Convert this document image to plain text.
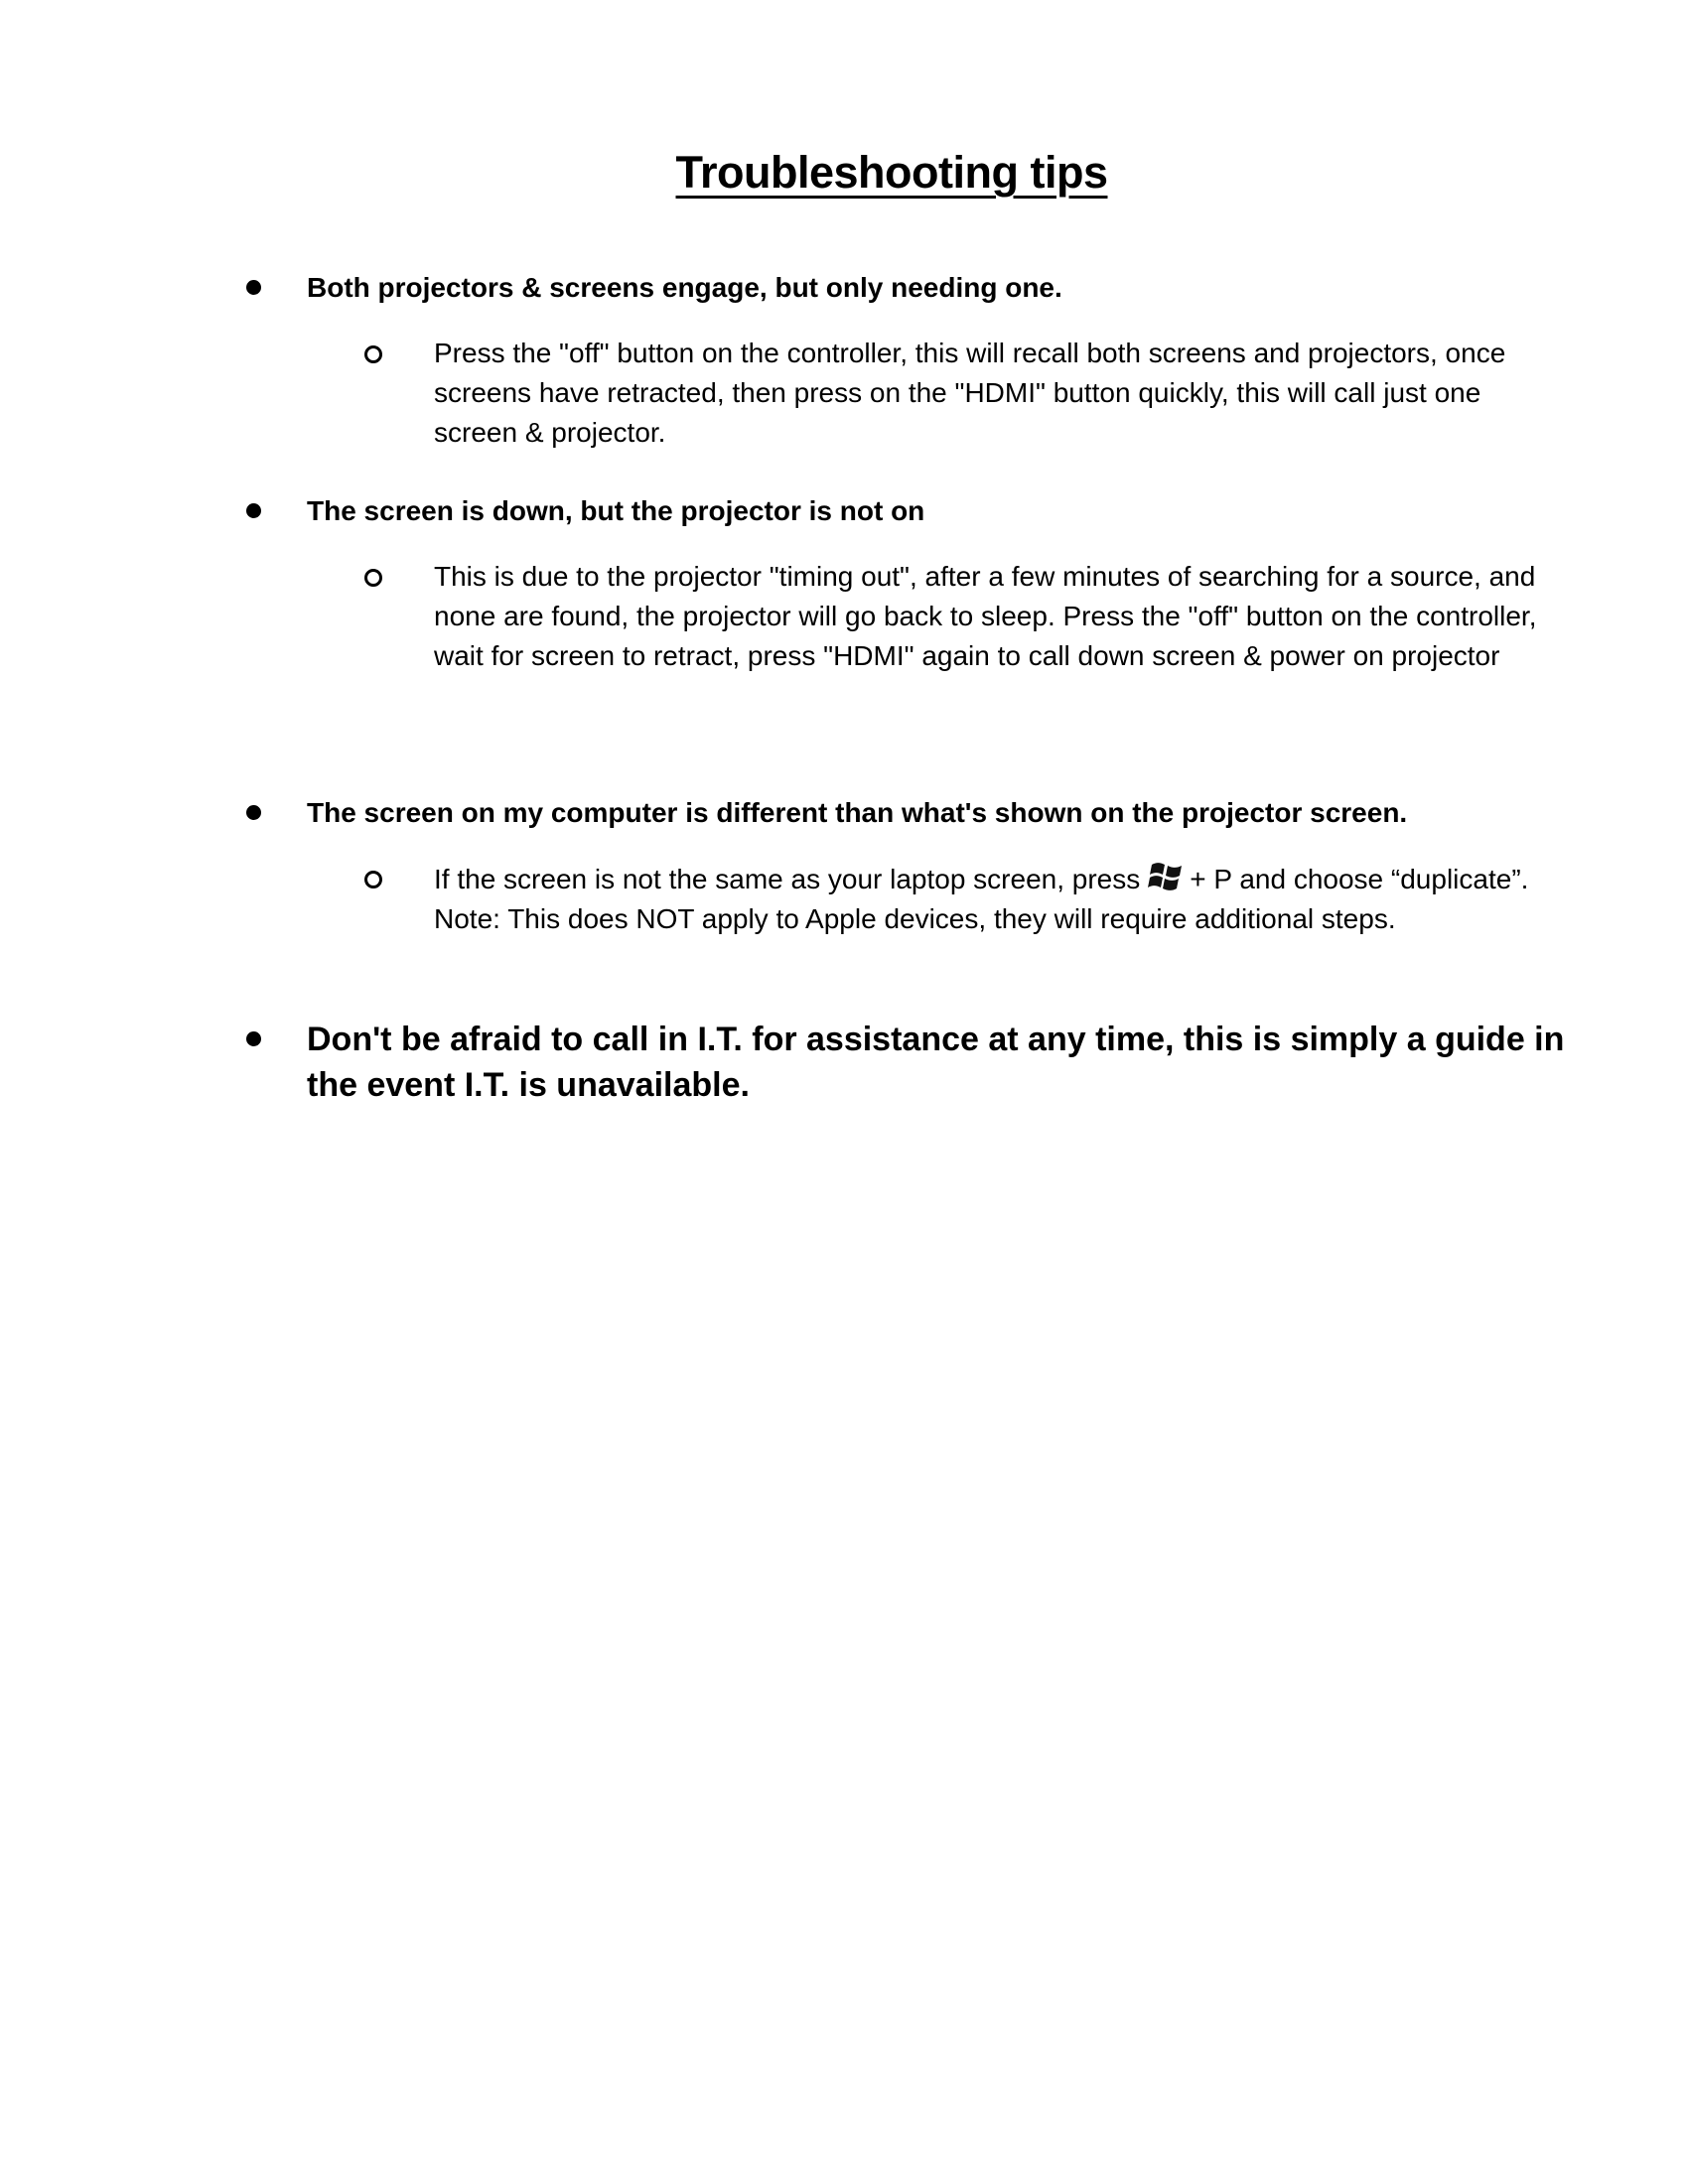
Troubleshooting tips
Both projectors & screens engage, but only needing one.
Press the "off" button on the controller, this will recall both screens and projectors, once screens have retracted, then press on the "HDMI" button quickly, this will call just one screen & projector.
The screen is down, but the projector is not on
This is due to the projector "timing out", after a few minutes of searching for a source, and none are found, the projector will go back to sleep. Press the "off" button on the controller, wait for screen to retract, press "HDMI" again to call down screen & power on projector
The screen on my computer is different than what's shown on the projector screen.
If the screen is not the same as your laptop screen, press + P and choose “duplicate”. Note: This does NOT apply to Apple devices, they will require additional steps.
Don't be afraid to call in I.T. for assistance at any time, this is simply a guide in the event I.T. is unavailable.
